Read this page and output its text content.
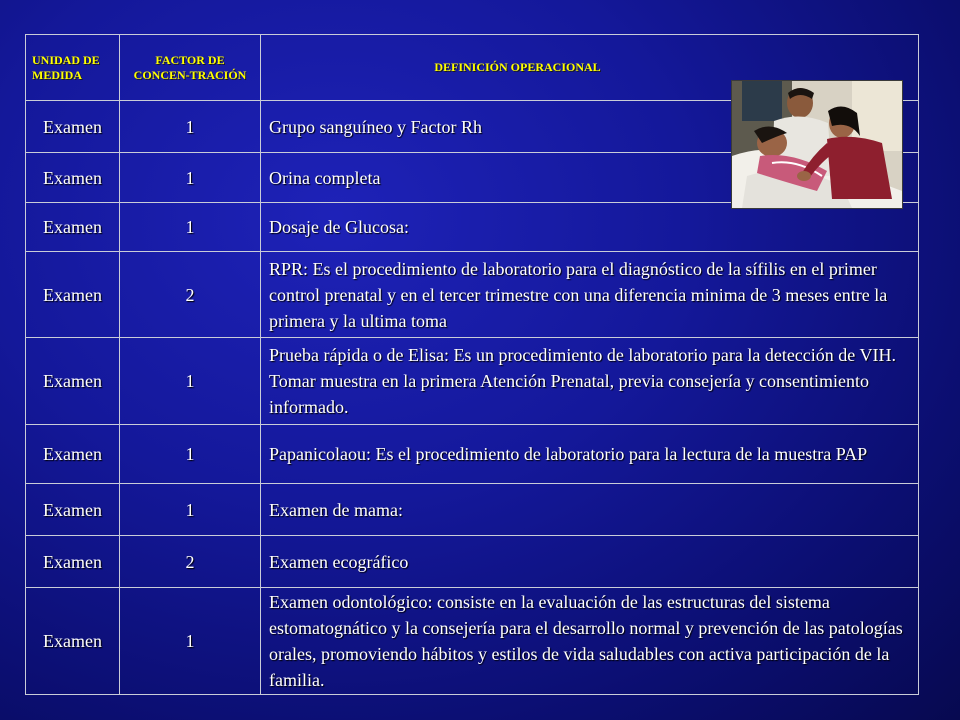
UNIDAD DE MEDIDA	FACTOR DE CONCEN-TRACIÓN	DEFINICIÓN OPERACIONAL
Examen	1	Grupo sanguíneo y Factor Rh
Examen	1	Orina completa
Examen	1	Dosaje de Glucosa:
Examen	2	RPR: Es el procedimiento de laboratorio para el diagnóstico de la sífilis en el primer control prenatal y en el tercer trimestre con una diferencia minima de 3 meses entre la primera y la ultima toma
Examen	1	Prueba rápida o de Elisa: Es un procedimiento de laboratorio para la detección de VIH. Tomar muestra en la primera Atención Prenatal, previa consejería y consentimiento informado.
Examen	1	Papanicolaou: Es el procedimiento de laboratorio para la lectura de la muestra PAP
Examen	1	Examen de mama:
Examen	2	Examen ecográfico
Examen	1	Examen odontológico: consiste en la evaluación de las estructuras del sistema estomatognático y la consejería para el desarrollo normal y prevención de las patologías orales, promoviendo hábitos y estilos de vida saludables con activa participación de la familia.
